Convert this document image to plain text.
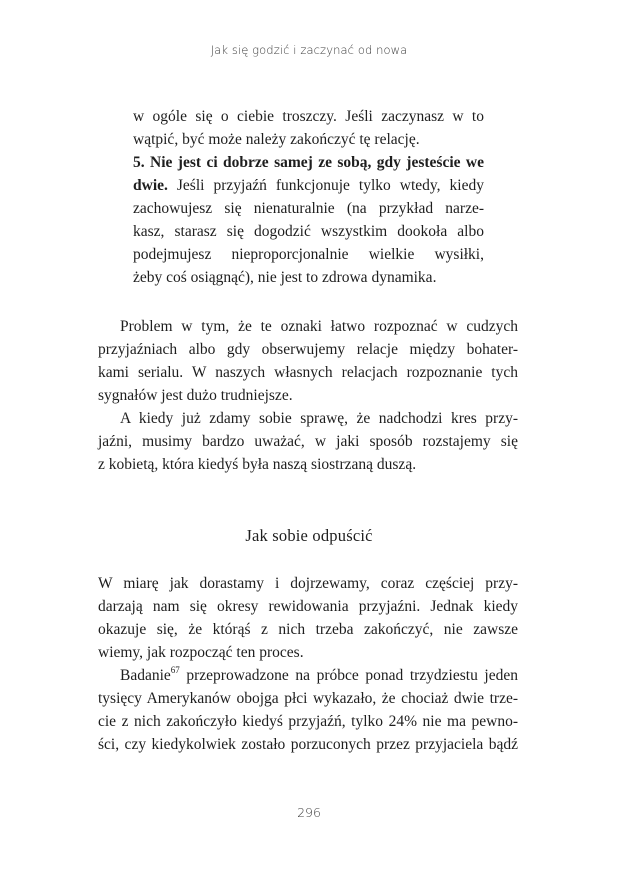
Jak się godzić i zaczynać od nowa
w ogóle się o ciebie troszczy. Jeśli zaczynasz w to
wątpić, być może należy zakończyć tę relację.
5. Nie jest ci dobrze samej ze sobą, gdy jesteście we
dwie. Jeśli przyjaźń funkcjonuje tylko wtedy, kiedy
zachowujesz się nienaturalnie (na przykład narze-
kasz, starasz się dogodzić wszystkim dookoła albo
podejmujesz nieproporcjonalnie wielkie wysiłki,
żeby coś osiągnąć), nie jest to zdrowa dynamika.
Problem w tym, że te oznaki łatwo rozpoznać w cudzych
przyjaźniach albo gdy obserwujemy relacje między bohater-
kami serialu. W naszych własnych relacjach rozpoznanie tych
sygnałów jest dużo trudniejsze.
A kiedy już zdamy sobie sprawę, że nadchodzi kres przy-
jaźni, musimy bardzo uważać, w jaki sposób rozstajemy się
z kobietą, która kiedyś była naszą siostrzaną duszą.
Jak sobie odpuścić
W miarę jak dorastamy i dojrzewamy, coraz częściej przy-
darzają nam się okresy rewidowania przyjaźni. Jednak kiedy
okazuje się, że którąś z nich trzeba zakończyć, nie zawsze
wiemy, jak rozpocząć ten proces.
Badanie$^{67}$ przeprowadzone na próbce ponad trzydziestu jeden
tysięcy Amerykanów obojga płci wykazało, że chociaż dwie trze-
cie z nich zakończyło kiedyś przyjaźń, tylko 24% nie ma pewno-
ści, czy kiedykolwiek zostało porzuconych przez przyjaciela bądź
296
